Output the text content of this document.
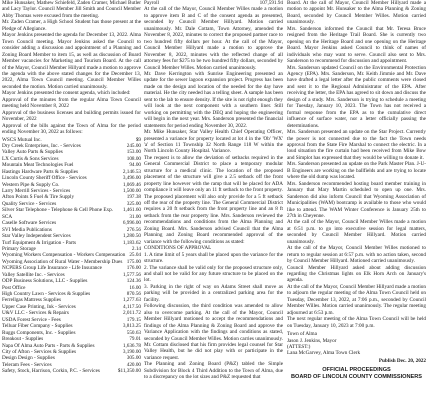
Mike Hunsaker, Mathew Schiefeld, Zaden Cramer, Michael Butler and Lacy Taylor. Council Member Jill Smith and Council Member Abby Thomas were excused from the meeting.

Mr. Zaden Cramer, a High School Student has those present at the Pledge of Allegiance.

Mayor Jenkins presented the agenda for December 13, 2022. Alma Town Council meeting. Mayor Jenkins asked the Council to consider adding a discussion and appointment of a Planning and Zoning Board Member to item 15, as well as discussion of Board Member vacancies for Marketing and Tourism Board. At the call of the Mayor, Council Member Hillyard made a motion to approve the agenda with the above stated changes for the December 13, 2022, Alma Town Council meeting. Council Member Willes seconded the motion. Motion carried unanimously.

Mayor Jenkins presented the consent agenda, which included:

Approval of the minutes from the regular Alma Town Council meeting held November 8, 2022

Approval of the business licenses and building permits issued for November, 2022

Approval of the bills against the Town of Alma for the period ending November 30, 2022 as follows:

WSCS Mutual Inc.	$9
Dry Creek Enterprises, Inc. - Services	245.00
Valley Auto Parts & Supplies	153.00
LX Curtis & Sons Services	108.00
Mountain Meat Technologies Fuel	94.00
Hastings Hardware Parts & Supplies	2,146.53
Lincoln County Sheriff Office - Services	3,496.00
Western Pipe & Supply Co.	1,069.46
Larry Merrill Services - Services	1,500.00
Afton Points S Fuel & Tire Supply	197.38
Quality Service - Services	325.00
Silver Star Telephone - Telephone & Cell Phone Exp.	1,461.60
SCA	31.00
Caselle Software Services	6,996.00
SVI Media Publications	276.56
Star Valley Independent Services	1,280.50
Turf Equipment & Irrigation - Parts	1,183.62
Primary Storage	2.14
Wyoming Workers Compensation - Workers Compensation 25.04
Wyoming Association of Rural Water - Membership Dues 175.00
NCPERS Group Life Insurance - Life Insurance	176.00
Valley Satellite Inc. - Services	1,577.56
ODP Business Solutions, LLC - Supplies	124.36
Post Office	16.00
High Country Lawn - Services & Supplies	870.56
Ferrellgas Mattress Supplies	1,277.63
Upper Case Printing, Ink - Services	4,117.50
U&V LLC - Services & Repairs	2,011.72
USDA Forest Service - Fees	179.15
Telluar Fiber Company - Supplies	3,813.25
Ruggs Components, Inc. - Supplies	550.63
Breakout - Supplies	79.01
Napa Of Alma Auto Parts - Parts & Supplies	1,636.78
City of Afton - Services & Supplies	3,190.00
Design Design - Supplies	305.00
Teleram Fees - Services	420.00
Safety, Stock, Harrison, Corkin, P.C. - Services	$11,350.00
Payroll	107,591.94

At the call of the Mayor, Council Member Willes made a motion to approve item B and C of the consent agenda as presented, seconded by Council Member Hillyard. Motion carried unanimously. Mr. Dale Cottam, Town Attorney, amended the November 8, 2022, minutes to correct the proposed partner race to two hundred fifty dollars per hour. At the call of the Mayor, Council Member Hillyard made a motion to approve the November 8, 2022, minutes with the reflected change of all attorney fees for $275 to be two hundred fifty dollars, seconded by Council Member Willes. Motion carried unanimously.

Mr. Dave Kerrington with Sunrise Engineering presented an update for the sewer lagoon expansion project. Progress has been made on the design and location of the needed for the day have material. He the city needed has a telling sheet. A sample has been sent to the lab to ensure density. If the site is not right enough they will look at the next component with a southern liner. Still working on permitting with the DEQ and hoping the engineering will begin in the next year. Mrs. Sanderson presented the financial statements for period ending November 30, 2022.

Mr. Mike Hunsaker, Star Valley Health Chief Operating Officer, presented a variance for property located at lot 4 in the 'Ob' 'WX' 'a' of Section 11 Township 32 North Range 118 W within the North Lincoln County Hospital. Variance.

The request is to allow the deviation of setbacks required in the General Commercial District to place a temporary modular structure for a medical clinic. The location of the proposed placement of the structure will give a 2.5 setback off the front property line however with the ramp that will be placed for ADA compliance it will leave only an 11 ft setback to the front property. The proposed placement will also only provide for a 5 ft setback off the rear of the property line. The General Commercial District requires a 20 ft setback from the front property line and an 8 ft setback from the rear property line. Mrs. Sanderson reviewed the recommendations and conditions from the Alma Planning and Zoning Board. Mrs. Sanderson advised Council that the Alma Planning and Zoning Board recommended approval of the variance with the following conditions as stated:

CONDITIONS OF APPROVAL

1. A time limit of 5 years shall be placed upon the variance for the structure.

2. The variance shall be valid only for the proposed structure only, and shall not be valid for any future structure to be placed on the lot.

3. Parking in the right of way on Adams Street shall move as parking will be provided in a centralized parking area for the facility.

Following discussion, the third condition was amended to allow also to overcome parking. At the call of the Mayor, Council Member Hillyard motioned to accept the recommendations and findings of the Alma Planning & Zoning Board and approve the Variance Application with the findings and conditions as stated, seconded by Council Member Willes. Motion carries unanimously. Mr. Cottam disclosed that his firm provides legal counsel for Star Valley Health, but he did not play with or participate in the variance request.

The Planning and Zoning Board (P&Z) tabled the Simple Subdivision for Block 4 Third Addition to the Town of Alma, due to a discrepancy on the lot sizes and P&Z requested that

Board. At the call of Mayor, Council Member Hillyard made a motion to appoint Mr. Hunsaker to the Alma Planning & Zoning Board, seconded by Council Member Willes. Motion carried unanimously.

Mrs. Sanderson informed the Council that Mr. Teresa Bruce resigned from the Heritage Trail Board. She is currently two opening on the Heritage Board and one opening on the Heritage Board. Mayor Jenkins asked Council to think of names of individuals who may want to serve. Council also sent to Mrs. Sanderson to recommend for discussion and appointment.

Mrs. Sanderson updated Council on the Environmental Protection Agency (EPA). Mrs. Sanderson, Mr. Keith Jimmie and Mr. Dave have drafted a legal letter after the public comments were closed and sent it to the Regional Administrator of the EPA. After receiving the letter, the EPA has agreed to sit down and discuss the design of a study. Mrs. Sanderson is trying to schedule a meeting for Tuesday, January 10, 2023. The Town has not received a formal response from the EPA as to the cumulative direct influence of surface water, nor a letter officially passing the determinations.

Mrs. Sanderson presented an update on the Star Project. Currently the power is not connected due to the fact the Town needs approval from the State Fire Marshal to connect the electric. In a loud situation the fire curtain had been received from Mike Bow and Simplot has expressed that they would be willing to donate it.

Mrs. Sanderson presented an update on the Park Master Plan. J-U-B Engineers are working on the ballfields and are trying to locate where the old dump was located.

Mrs. Sanderson recommended hosting board member training in January that Mary Martin scheduled to open up one. Mrs. Sanderson did also inform Council that Wyoming Association of Municipalities (WAM) bootcamp is available to those who would like to attend. The WAM Winter Conference is January 25th to 27th in Cheyenne.

At the call of the Mayor, Council Member Willes made a motion at 6:51 p.m. to go into executive session for legal matters, seconded by Council Member Hillyard. Motion carried unanimously.

At the call of the Mayor, Council Member Willes motioned to return to regular session at 6:57 p.m. with no action taken, second by Council Member Hillyard. Motioned carried unanimously.

Council Member Hillyard asked about adding discussion regarding the Christmas lights on Elk Horn Arch on January's agenda.

At the call of the Mayor, Council Member Hillyard made a motion to adjourn the regular meeting of the Alma Town Council held on Tuesday, December 13, 2022, at 7:06 p.m., seconded by Council Member Willes. Motion carried unanimously. The regular meeting adjourned at 6:53 p.m.

The next regular meeting of the Alma Town Council will be held on Tuesday, January 10, 2023 at 7:00 p.m.

Town of Alma

Jason J. Jenkins, Mayor

(ATTEST:)

Lana McGarvey, Alma Town Clerk

Publish Dec. 20, 2022

OFFICIAL PROCEEDINGS
BOARD OF LINCOLN COUNTY COMMISSIONERS
